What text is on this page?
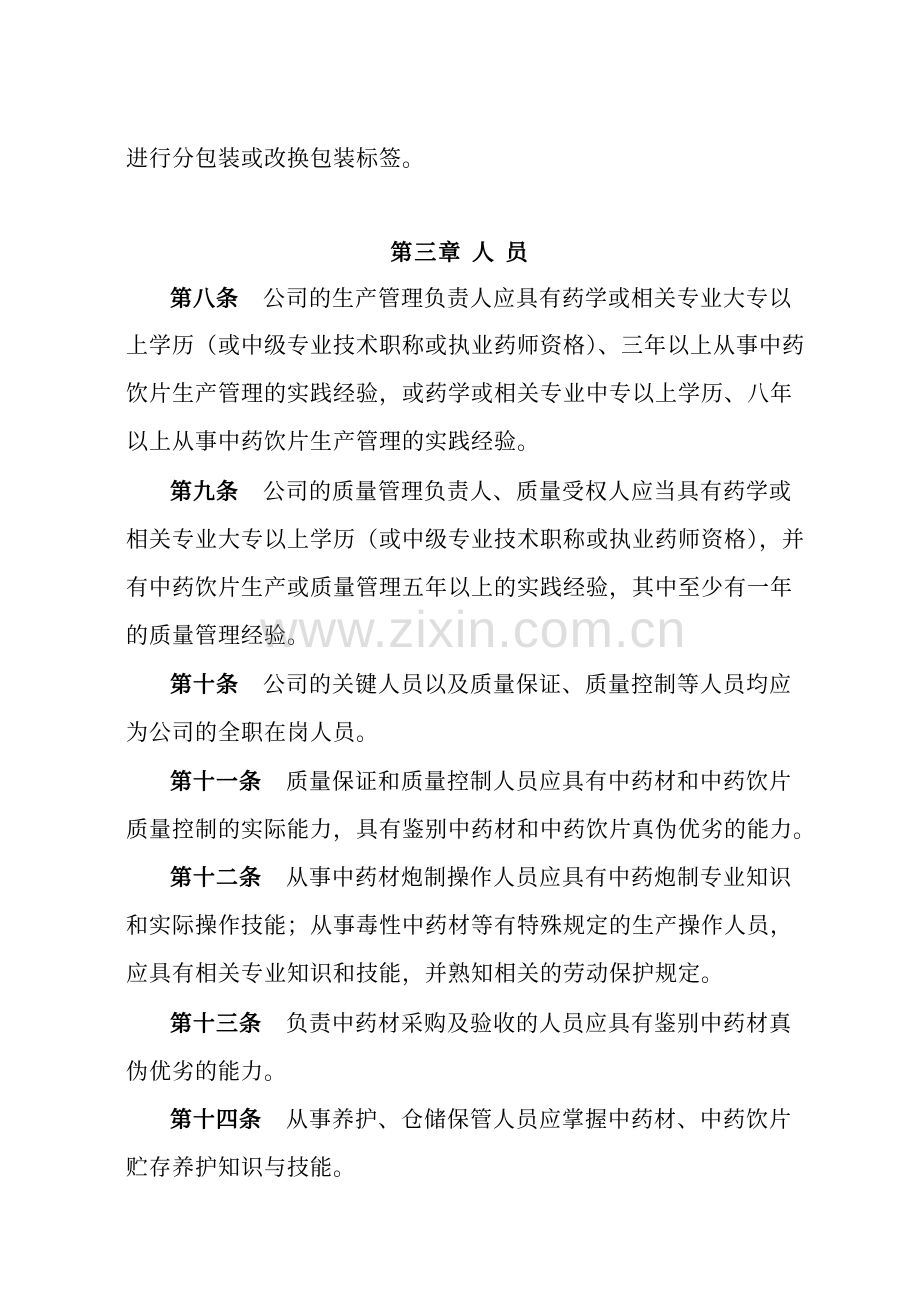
进行分包装或改换包装标签。
第三章 人 员
第八条 公司的生产管理负责人应具有药学或相关专业大专以
上学历（或中级专业技术职称或执业药师资格）、三年以上从事中药
饮片生产管理的实践经验，或药学或相关专业中专以上学历、八年
以上从事中药饮片生产管理的实践经验。
第九条 公司的质量管理负责人、质量受权人应当具有药学或
相关专业大专以上学历（或中级专业技术职称或执业药师资格），并
有中药饮片生产或质量管理五年以上的实践经验，其中至少有一年
的质量管理经验。
第十条 公司的关键人员以及质量保证、质量控制等人员均应
为公司的全职在岗人员。
第十一条 质量保证和质量控制人员应具有中药材和中药饮片
质量控制的实际能力，具有鉴别中药材和中药饮片真伪优劣的能力。
第十二条 从事中药材炮制操作人员应具有中药炮制专业知识
和实际操作技能；从事毒性中药材等有特殊规定的生产操作人员，
应具有相关专业知识和技能，并熟知相关的劳动保护规定。
第十三条 负责中药材采购及验收的人员应具有鉴别中药材真
伪优劣的能力。
第十四条 从事养护、仓储保管人员应掌握中药材、中药饮片
贮存养护知识与技能。
www.zixin.com.cn
